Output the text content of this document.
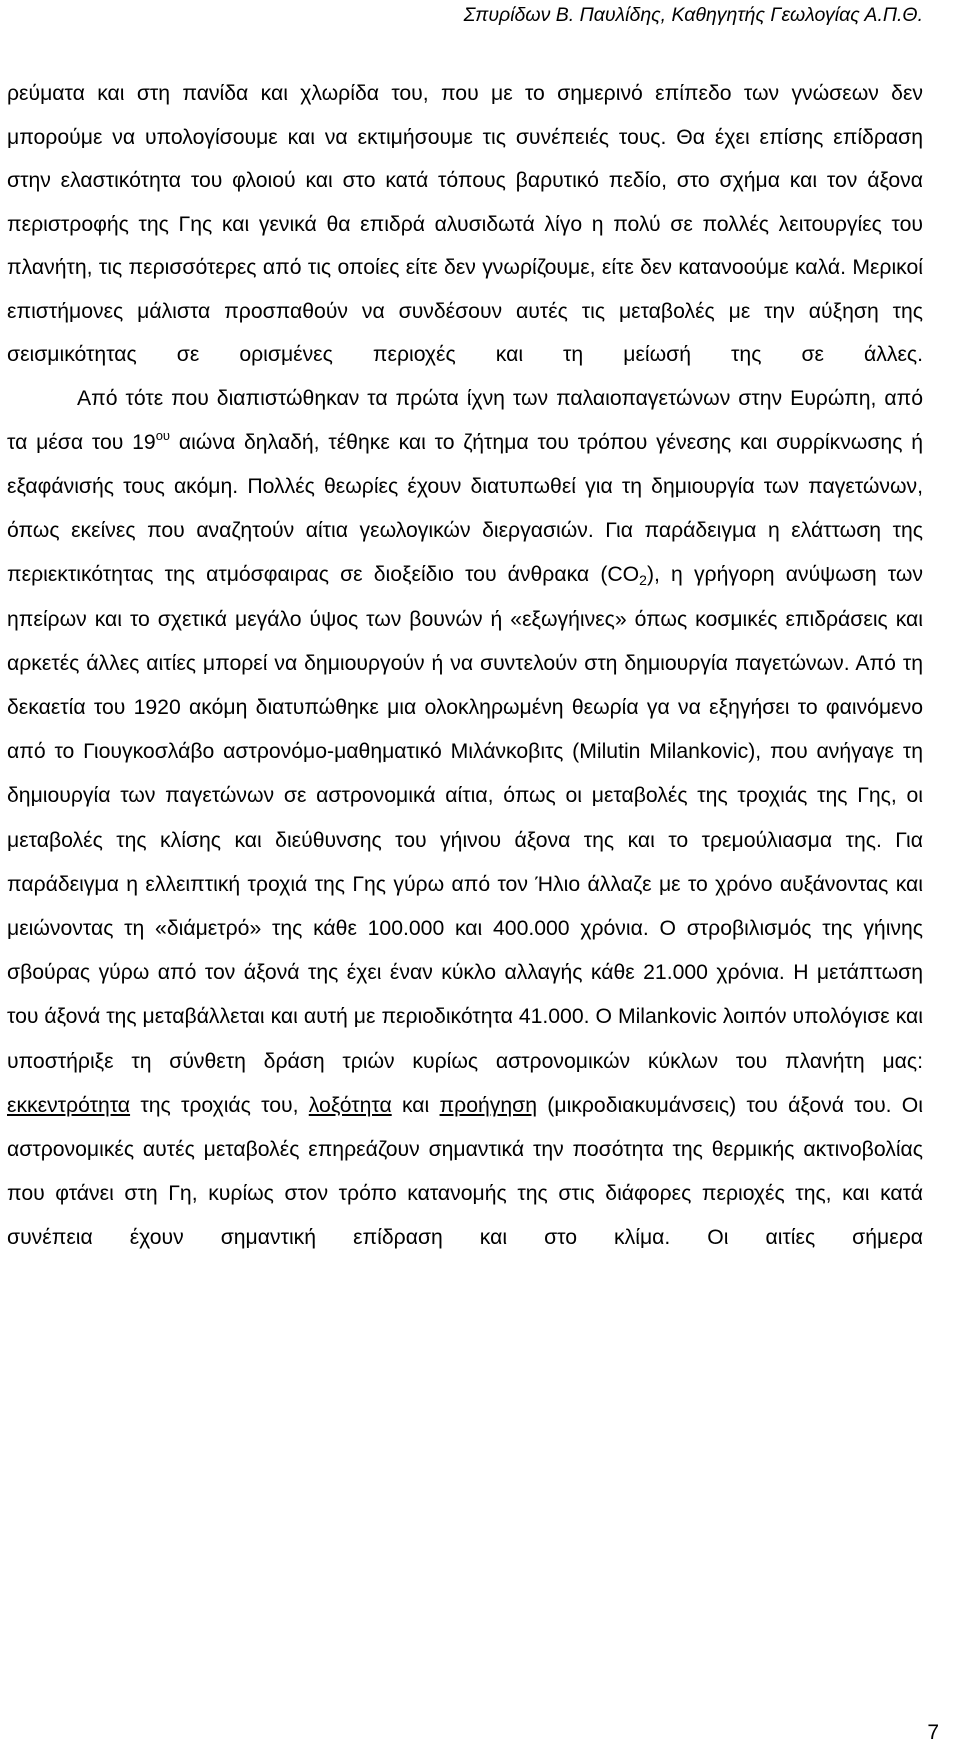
Σπυρίδων Β. Παυλίδης, Καθηγητής Γεωλογίας Α.Π.Θ.

ρεύματα και στη πανίδα και χλωρίδα του, που με το σημερινό επίπεδο των γνώσεων δεν μπορούμε να υπολογίσουμε και να εκτιμήσουμε τις συνέπειές τους. Θα έχει επίσης επίδραση στην ελαστικότητα του φλοιού και στο κατά τόπους βαρυτικό πεδίο, στο σχήμα και τον άξονα περιστροφής της Γης και γενικά θα επιδρά αλυσιδωτά λίγο η πολύ σε πολλές λειτουργίες του πλανήτη, τις περισσότερες από τις οποίες είτε δεν γνωρίζουμε, είτε δεν κατανοούμε καλά. Μερικοί επιστήμονες μάλιστα προσπαθούν να συνδέσουν αυτές τις μεταβολές με την αύξηση της σεισμικότητας σε ορισμένες περιοχές και τη μείωσή της σε άλλες.

Από τότε που διαπιστώθηκαν τα πρώτα ίχνη των παλαιοπαγετώνων στην Ευρώπη, από τα μέσα του $19^{o\upsilon}$ αιώνα δηλαδή, τέθηκε και το ζήτημα του τρόπου γένεσης και συρρίκνωσης ή εξαφάνισής τους ακόμη. Πολλές θεωρίες έχουν διατυπωθεί για τη δημιουργία των παγετώνων, όπως εκείνες που αναζητούν αίτια γεωλογικών διεργασιών. Για παράδειγμα η ελάττωση της περιεκτικότητας της ατμόσφαιρας σε διοξείδιο του άνθρακα $(CO_2)$, η γρήγορη ανύψωση των ηπείρων και το σχετικά μεγάλο ύψος των βουνών ή «εξωγήινες» όπως κοσμικές επιδράσεις και αρκετές άλλες αιτίες μπορεί να δημιουργούν ή να συντελούν στη δημιουργία παγετώνων. Από τη δεκαετία του 1920 ακόμη διατυπώθηκε μια ολοκληρωμένη θεωρία γα να εξηγήσει το φαινόμενο από το Γιουγκοσλάβο αστρονόμο-μαθηματικό Μιλάνκοβιτς (Milutin Milankovic), που ανήγαγε τη δημιουργία των παγετώνων σε αστρονομικά αίτια, όπως οι μεταβολές της τροχιάς της Γης, οι μεταβολές της κλίσης και διεύθυνσης του γήινου άξονα της και το τρεμούλιασμα της. Για παράδειγμα η ελλειπτική τροχιά της Γης γύρω από τον Ήλιο άλλαζε με το χρόνο αυξάνοντας και μειώνοντας τη «διάμετρό» της κάθε 100.000 και 400.000 χρόνια. Ο στροβιλισμός της γήινης σβούρας γύρω από τον άξονά της έχει έναν κύκλο αλλαγής κάθε 21.000 χρόνια. Η μετάπτωση του άξονά της μεταβάλλεται και αυτή με περιοδικότητα 41.000. Ο Milankovic λοιπόν υπολόγισε και υποστήριξε τη σύνθετη δράση τριών κυρίως αστρονομικών κύκλων του πλανήτη μας: εκκεντρότητα της τροχιάς του, λοξότητα και προήγηση (μικροδιακυμάνσεις) του άξονά του. Οι αστρονομικές αυτές μεταβολές επηρεάζουν σημαντικά την ποσότητα της θερμικής ακτινοβολίας που φτάνει στη Γη, κυρίως στον τρόπο κατανομής της στις διάφορες περιοχές της, και κατά συνέπεια έχουν σημαντική επίδραση και στο κλίμα. Οι αιτίες σήμερα

7
